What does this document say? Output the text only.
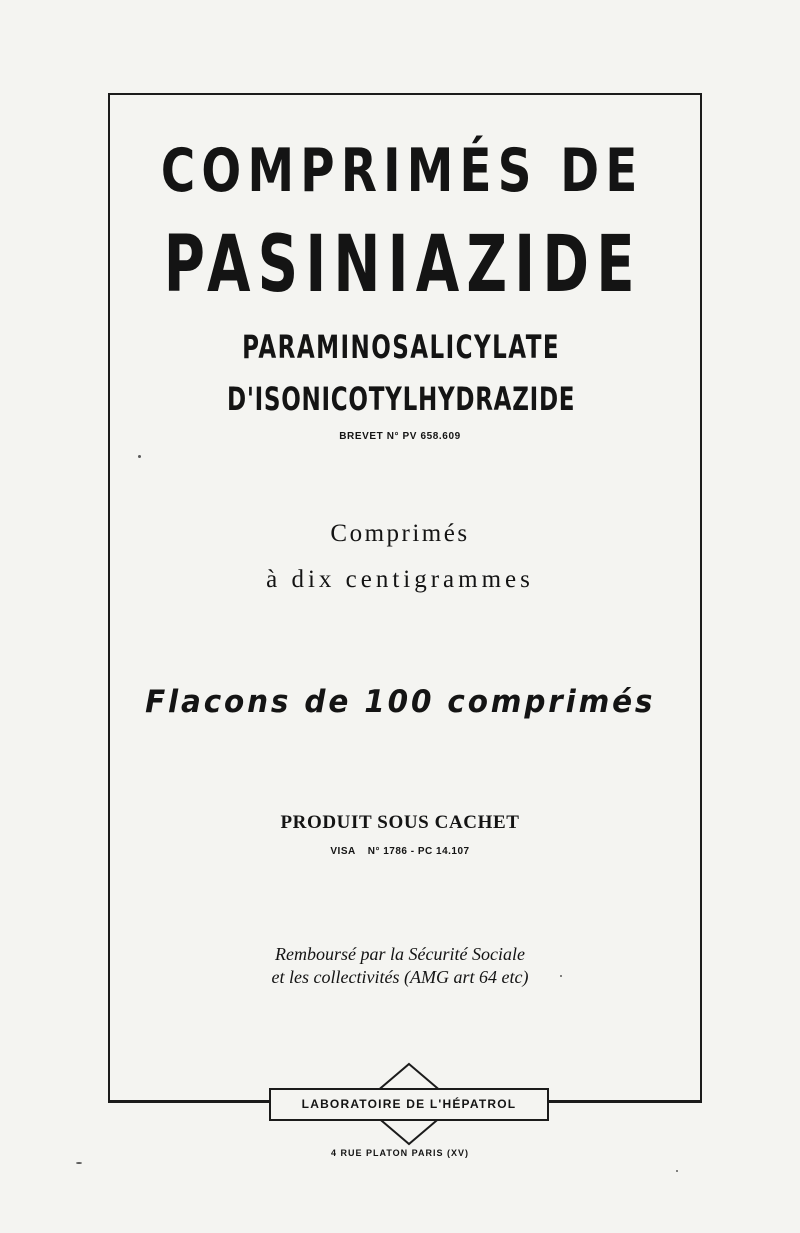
COMPRIMÉS DE
PASINIAZIDE
PARAMINOSALICYLATE
D'ISONICOTYLHYDRAZIDE
BREVET N° PV 658.609
Comprimés
à dix centigrammes
Flacons de 100 comprimés
PRODUIT SOUS CACHET
VISA N° 1786 - PC 14.107
Remboursé par la Sécurité Sociale
et les collectivités (AMG art 64 etc)
LABORATOIRE DE L'HÉPATROL
4 RUE PLATON PARIS (XV)
